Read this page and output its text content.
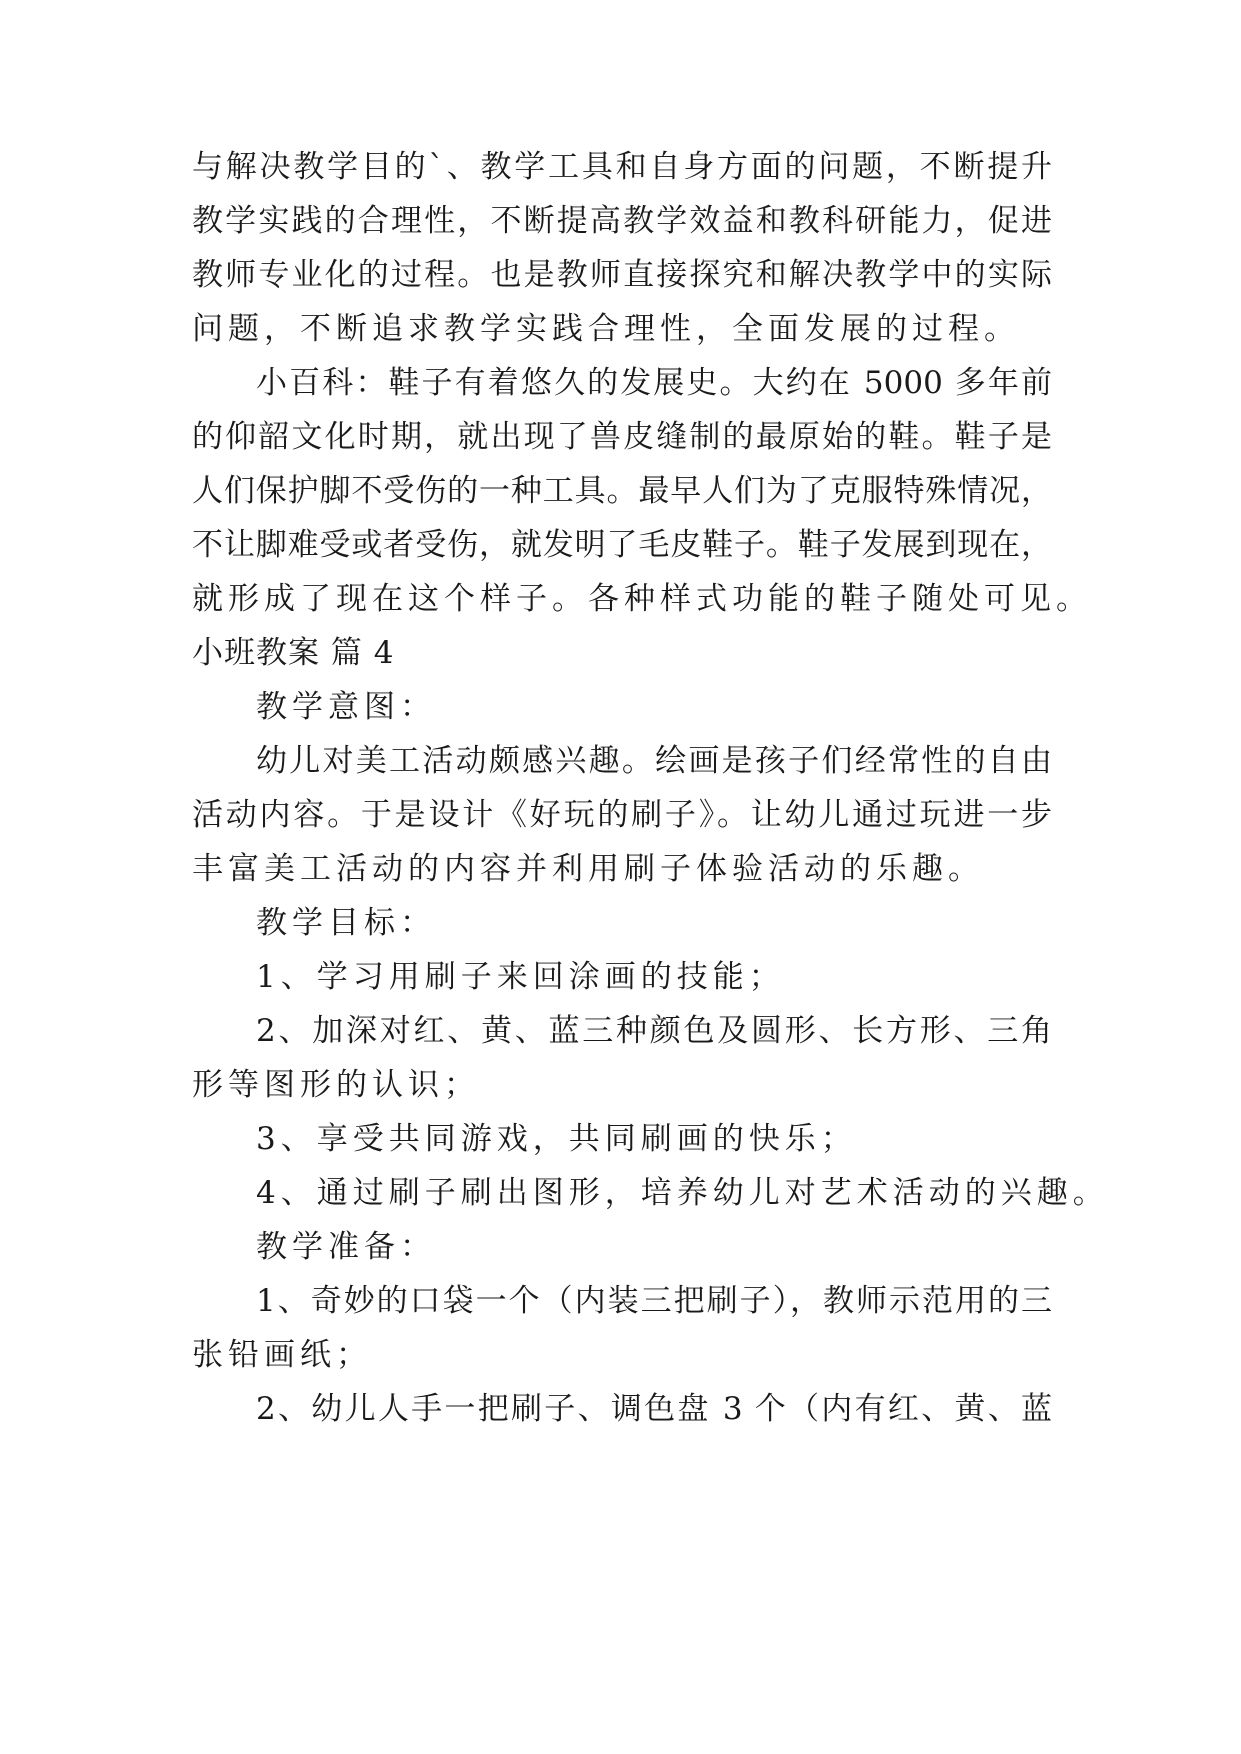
与解决教学目的`、教学工具和自身方面的问题，不断提升
教学实践的合理性，不断提高教学效益和教科研能力，促进
教师专业化的过程。也是教师直接探究和解决教学中的实际
问题，不断追求教学实践合理性，全面发展的过程。
小百科：鞋子有着悠久的发展史。大约在 5000 多年前
的仰韶文化时期，就出现了兽皮缝制的最原始的鞋。鞋子是
人们保护脚不受伤的一种工具。最早人们为了克服特殊情况，
不让脚难受或者受伤，就发明了毛皮鞋子。鞋子发展到现在，
就形成了现在这个样子。各种样式功能的鞋子随处可见。
小班教案 篇 4
教学意图：
幼儿对美工活动颇感兴趣。绘画是孩子们经常性的自由
活动内容。于是设计《好玩的刷子》。让幼儿通过玩进一步
丰富美工活动的内容并利用刷子体验活动的乐趣。
教学目标：
1、学习用刷子来回涂画的技能；
2、加深对红、黄、蓝三种颜色及圆形、长方形、三角
形等图形的认识；
3、享受共同游戏，共同刷画的快乐；
4、通过刷子刷出图形，培养幼儿对艺术活动的兴趣。
教学准备：
1、奇妙的口袋一个（内装三把刷子），教师示范用的三
张铅画纸；
2、幼儿人手一把刷子、调色盘 3 个（内有红、黄、蓝
